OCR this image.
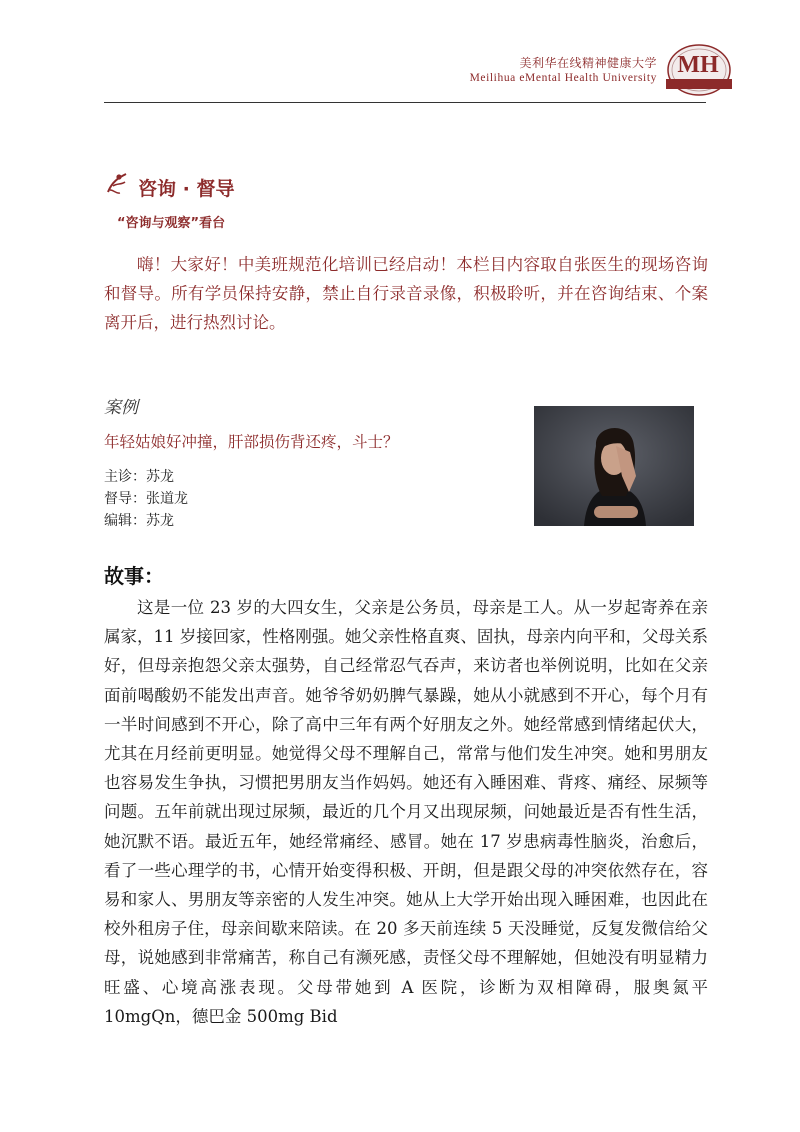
美利华在线精神健康大学
Meilihua eMental Health University MH
咨询 · 督导
“咨询与观察”看台
嗨！大家好！中美班规范化培训已经启动！本栏目内容取自张医生的现场咨询和督导。所有学员保持安静，禁止自行录音录像，积极聆听，并在咨询结束、个案离开后，进行热烈讨论。
案例
年轻姑娘好冲撞，肝部损伤背还疼，斗士？
主诊：苏龙
督导：张道龙
编辑：苏龙
故事：
这是一位 23 岁的大四女生，父亲是公务员，母亲是工人。从一岁起寄养在亲属家，11 岁接回家，性格刚强。她父亲性格直爽、固执，母亲内向平和，父母关系好，但母亲抱怨父亲太强势，自己经常忍气吞声，来访者也举例说明，比如在父亲面前喝酸奶不能发出声音。她爷爷奶奶脾气暴躁，她从小就感到不开心，每个月有一半时间感到不开心，除了高中三年有两个好朋友之外。她经常感到情绪起伏大，尤其在月经前更明显。她觉得父母不理解自己，常常与他们发生冲突。她和男朋友也容易发生争执，习惯把男朋友当作妈妈。她还有入睡困难、背疼、痛经、尿频等问题。五年前就出现过尿频，最近的几个月又出现尿频，问她最近是否有性生活，她沉默不语。最近五年，她经常痛经、感冒。她在 17 岁患病毒性脑炎，治愈后，看了一些心理学的书，心情开始变得积极、开朗，但是跟父母的冲突依然存在，容易和家人、男朋友等亲密的人发生冲突。她从上大学开始出现入睡困难，也因此在校外租房子住，母亲间歇来陪读。在 20 多天前连续 5 天没睡觉，反复发微信给父母，说她感到非常痛苦，称自己有濒死感，责怪父母不理解她，但她没有明显精力旺盛、心境高涨表现。父母带她到 A 医院，诊断为双相障碍，服奥氮平 10mgQn，德巴金 500mg Bid
